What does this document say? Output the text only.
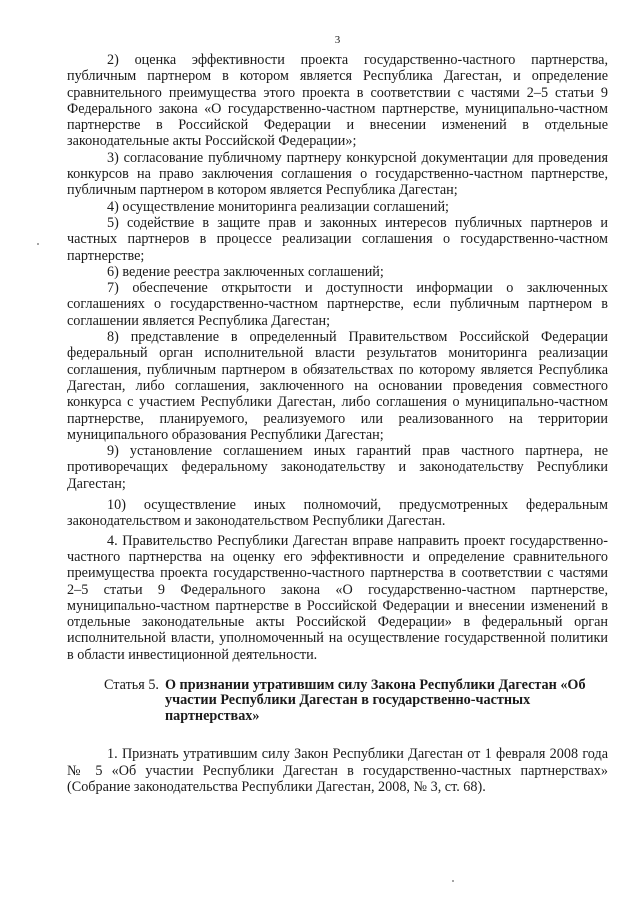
3

2) оценка эффективности проекта государственно-частного партнерства, публичным партнером в котором является Республика Дагестан, и определение сравнительного преимущества этого проекта в соответствии с частями 2–5 статьи 9 Федерального закона «О государственно-частном партнерстве, муниципально-частном партнерстве в Российской Федерации и внесении изменений в отдельные законодательные акты Российской Федерации»;

3) согласование публичному партнеру конкурсной документации для проведения конкурсов на право заключения соглашения о государственно-частном партнерстве, публичным партнером в котором является Республика Дагестан;

4) осуществление мониторинга реализации соглашений;

5) содействие в защите прав и законных интересов публичных партнеров и частных партнеров в процессе реализации соглашения о государственно-частном партнерстве;

6) ведение реестра заключенных соглашений;

7) обеспечение открытости и доступности информации о заключенных соглашениях о государственно-частном партнерстве, если публичным партнером в соглашении является Республика Дагестан;

8) представление в определенный Правительством Российской Федерации федеральный орган исполнительной власти результатов мониторинга реализации соглашения, публичным партнером в обязательствах по которому является Республика Дагестан, либо соглашения, заключенного на основании проведения совместного конкурса с участием Республики Дагестан, либо соглашения о муниципально-частном партнерстве, планируемого, реализуемого или реализованного на территории муниципального образования Республики Дагестан;

9) установление соглашением иных гарантий прав частного партнера, не противоречащих федеральному законодательству и законодательству Республики Дагестан;

10) осуществление иных полномочий, предусмотренных федеральным законодательством и законодательством Республики Дагестан.

4. Правительство Республики Дагестан вправе направить проект государственно-частного партнерства на оценку его эффективности и определение сравнительного преимущества проекта государственно-частного партнерства в соответствии с частями 2–5 статьи 9 Федерального закона «О государственно-частном партнерстве, муниципально-частном партнерстве в Российской Федерации и внесении изменений в отдельные законодательные акты Российской Федерации» в федеральный орган исполнительной власти, уполномоченный на осуществление государственной политики в области инвестиционной деятельности.

Статья 5. О признании утратившим силу Закона Республики Дагестан «Об участии Республики Дагестан в государственно-частных партнерствах»

1. Признать утратившим силу Закон Республики Дагестан от 1 февраля 2008 года № 5 «Об участии Республики Дагестан в государственно-частных партнерствах» (Собрание законодательства Республики Дагестан, 2008, № 3, ст. 68).
